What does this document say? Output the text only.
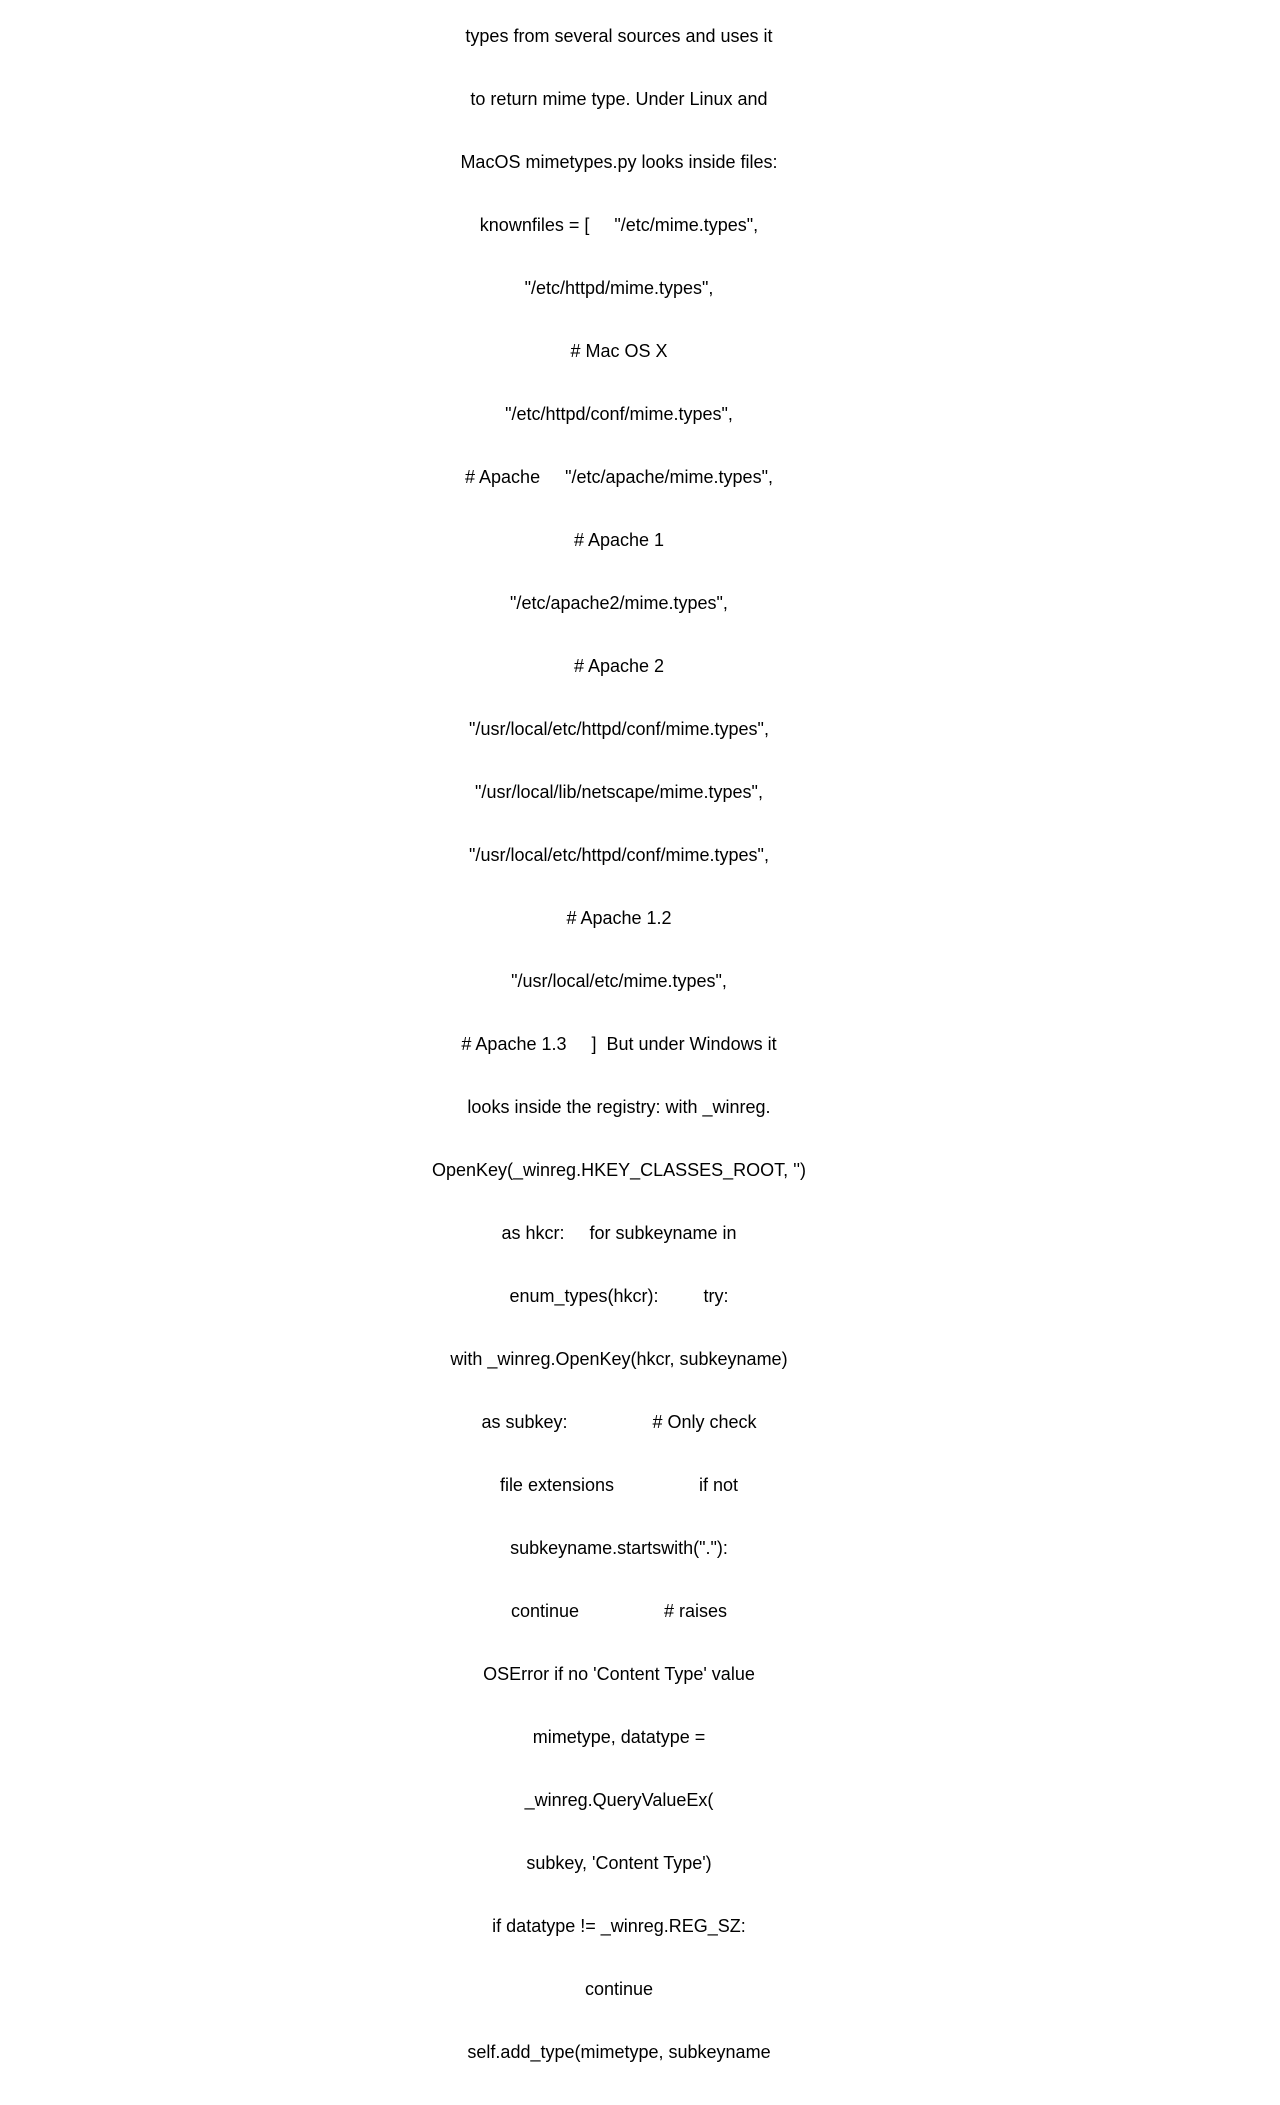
types from several sources and uses it

to return mime type. Under Linux and

MacOS mimetypes.py looks inside files:

knownfiles = [     "/etc/mime.types",

"/etc/httpd/mime.types",

# Mac OS X

"/etc/httpd/conf/mime.types",

# Apache     "/etc/apache/mime.types",

# Apache 1

"/etc/apache2/mime.types",

# Apache 2

"/usr/local/etc/httpd/conf/mime.types",

"/usr/local/lib/netscape/mime.types",

"/usr/local/etc/httpd/conf/mime.types",

# Apache 1.2

"/usr/local/etc/mime.types",

# Apache 1.3     ]  But under Windows it

looks inside the registry: with _winreg.

OpenKey(_winreg.HKEY_CLASSES_ROOT, '')

as hkcr:     for subkeyname in

enum_types(hkcr):         try:

with _winreg.OpenKey(hkcr, subkeyname)

as subkey:                 # Only check

file extensions                 if not

subkeyname.startswith("."):

continue                 # raises

OSError if no 'Content Type' value

mimetype, datatype =

_winreg.QueryValueEx(

subkey, 'Content Type')

if datatype != _winreg.REG_SZ:

continue

self.add_type(mimetype, subkeyname
